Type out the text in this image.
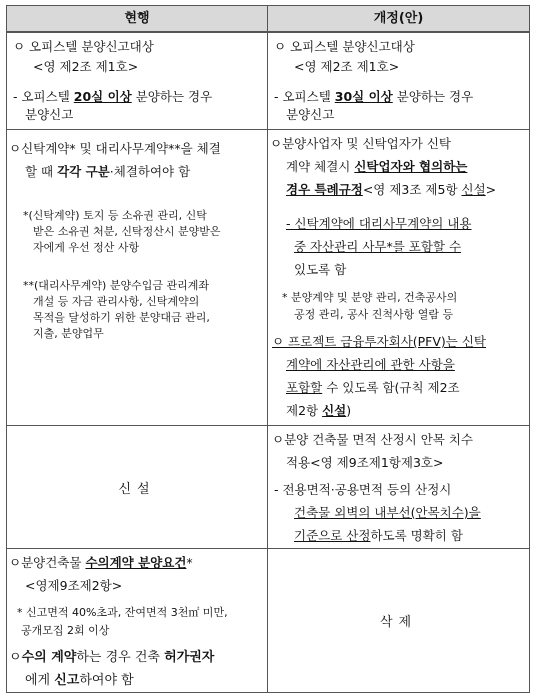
현행	개정(안)
ㅇ 오피스텔 분양신고대상
<영 제2조 제1호>
- 오피스텔 20실 이상 분양하는 경우
분양신고
ㅇ 오피스텔 분양신고대상
<영 제2조 제1호>
- 오피스텔 30실 이상 분양하는 경우
분양신고
ㅇ신탁계약* 및 대리사무계약**을 체결
할 때 각각 구분·체결하여야 함
*(신탁계약) 토지 등 소유권 관리, 신탁
받은 소유권 처분, 신탁정산시 분양받은
자에게 우선 정산 사항
**(대리사무계약) 분양수입금 관리계좌
개설 등 자금 관리사항, 신탁계약의
목적을 달성하기 위한 분양대금 관리,
지출, 분양업무
ㅇ분양사업자 및 신탁업자가 신탁
계약 체결시 신탁업자와 협의하는
경우 특례규정<영 제3조 제5항 신설>
- 신탁계약에 대리사무계약의 내용
중 자산관리 사무*를 포함할 수
있도록 함
* 분양계약 및 분양 관리, 건축공사의
공정 관리, 공사 진척사항 열람 등
ㅇ 프로젝트 금융투자회사(PFV)는 신탁
계약에 자산관리에 관한 사항을
포함할 수 있도록 함(규칙 제2조
제2항 신설)
신설
ㅇ분양 건축물 면적 산정시 안목 치수
적용<영 제9조제1항제3호>
- 전용면적·공용면적 등의 산정시
건축물 외벽의 내부선(안목치수)을
기준으로 산정하도록 명확히 함
ㅇ분양건축물 수의계약 분양요건*
<영제9조제2항>
* 신고면적 40%초과, 잔여면적 3천㎡ 미만,
공개모집 2회 이상
ㅇ수의 계약하는 경우 건축 허가권자
에게 신고하여야 함
삭제
